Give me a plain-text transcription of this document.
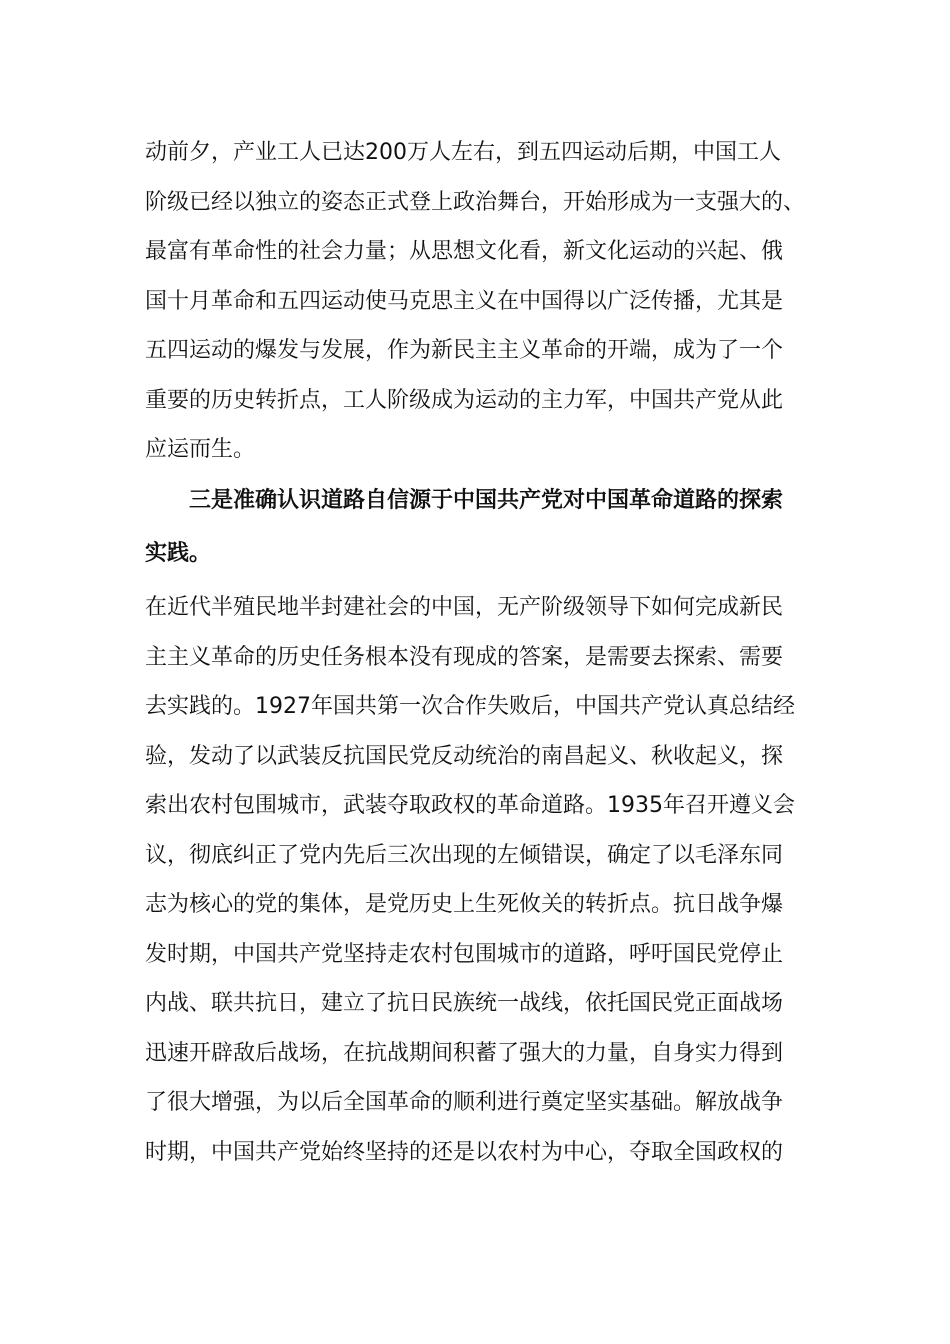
动前夕，产业工人已达200万人左右，到五四运动后期，中国工人
阶级已经以独立的姿态正式登上政治舞台，开始形成为一支强大的、
最富有革命性的社会力量；从思想文化看，新文化运动的兴起、俄
国十月革命和五四运动使马克思主义在中国得以广泛传播，尤其是
五四运动的爆发与发展，作为新民主主义革命的开端，成为了一个
重要的历史转折点，工人阶级成为运动的主力军，中国共产党从此
应运而生。
三是准确认识道路自信源于中国共产党对中国革命道路的探索
实践。
在近代半殖民地半封建社会的中国，无产阶级领导下如何完成新民
主主义革命的历史任务根本没有现成的答案，是需要去探索、需要
去实践的。1927年国共第一次合作失败后，中国共产党认真总结经
验，发动了以武装反抗国民党反动统治的南昌起义、秋收起义，探
索出农村包围城市，武装夺取政权的革命道路。1935年召开遵义会
议，彻底纠正了党内先后三次出现的左倾错误，确定了以毛泽东同
志为核心的党的集体，是党历史上生死攸关的转折点。抗日战争爆
发时期，中国共产党坚持走农村包围城市的道路，呼吁国民党停止
内战、联共抗日，建立了抗日民族统一战线，依托国民党正面战场
迅速开辟敌后战场，在抗战期间积蓄了强大的力量，自身实力得到
了很大增强，为以后全国革命的顺利进行奠定坚实基础。解放战争
时期，中国共产党始终坚持的还是以农村为中心，夺取全国政权的
